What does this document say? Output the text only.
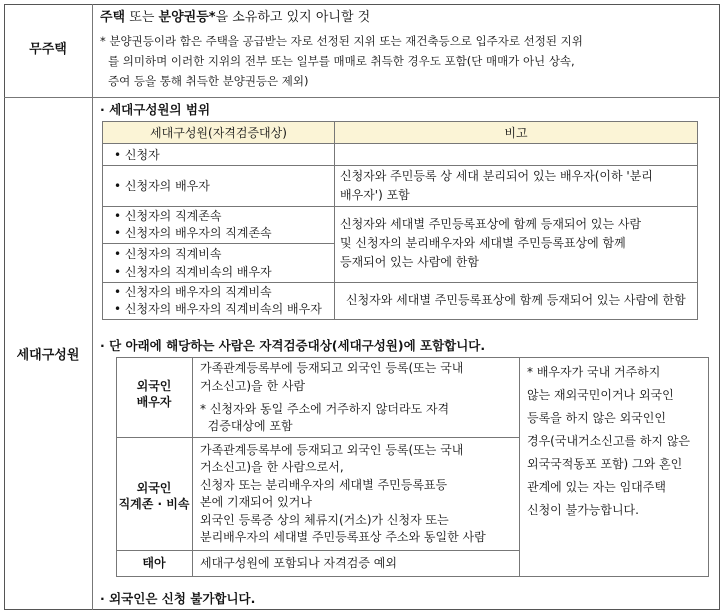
무주택
주택 또는 분양권등*을 소유하고 있지 아니할 것
* 분양권등이라 함은 주택을 공급받는 자로 선정된 지위 또는 재건축등으로 입주자로 선정된 지위
를 의미하며 이러한 지위의 전부 또는 일부를 매매로 취득한 경우도 포함(단 매매가 아닌 상속,
증여 등을 통해 취득한 분양권등은 제외)
세대구성원
· 세대구성원의 범위
세대구성원(자격검증대상)	비고
• 신청자
• 신청자의 배우자
신청자와 주민등록 상 세대 분리되어 있는 배우자(이하 '분리
배우자') 포함
• 신청자의 직계존속
• 신청자의 배우자의 직계존속
• 신청자의 직계비속
• 신청자의 직계비속의 배우자
신청자와 세대별 주민등록표상에 함께 등재되어 있는 사람
및 신청자의 분리배우자와 세대별 주민등록표상에 함께
등재되어 있는 사람에 한함
• 신청자의 배우자의 직계비속
• 신청자의 배우자의 직계비속의 배우자
신청자와 세대별 주민등록표상에 함께 등재되어 있는 사람에 한함
· 단 아래에 해당하는 사람은 자격검증대상(세대구성원)에 포함합니다.
외국인
배우자
가족관계등록부에 등재되고 외국인 등록(또는 국내
거소신고)을 한 사람
* 신청자와 동일 주소에 거주하지 않더라도 자격
검증대상에 포함
외국인
직계존 · 비속
가족관계등록부에 등재되고 외국인 등록(또는 국내
거소신고)을 한 사람으로서,
신청자 또는 분리배우자의 세대별 주민등록표등
본에 기재되어 있거나
외국인 등록증 상의 체류지(거소)가 신청자 또는
분리배우자의 세대별 주민등록표상 주소와 동일한 사람
태아	세대구성원에 포함되나 자격검증 예외
* 배우자가 국내 거주하지
않는 재외국민이거나 외국인
등록을 하지 않은 외국인인
경우(국내거소신고를 하지 않은
외국국적동포 포함) 그와 혼인
관계에 있는 자는 임대주택
신청이 불가능합니다.
· 외국인은 신청 불가합니다.
